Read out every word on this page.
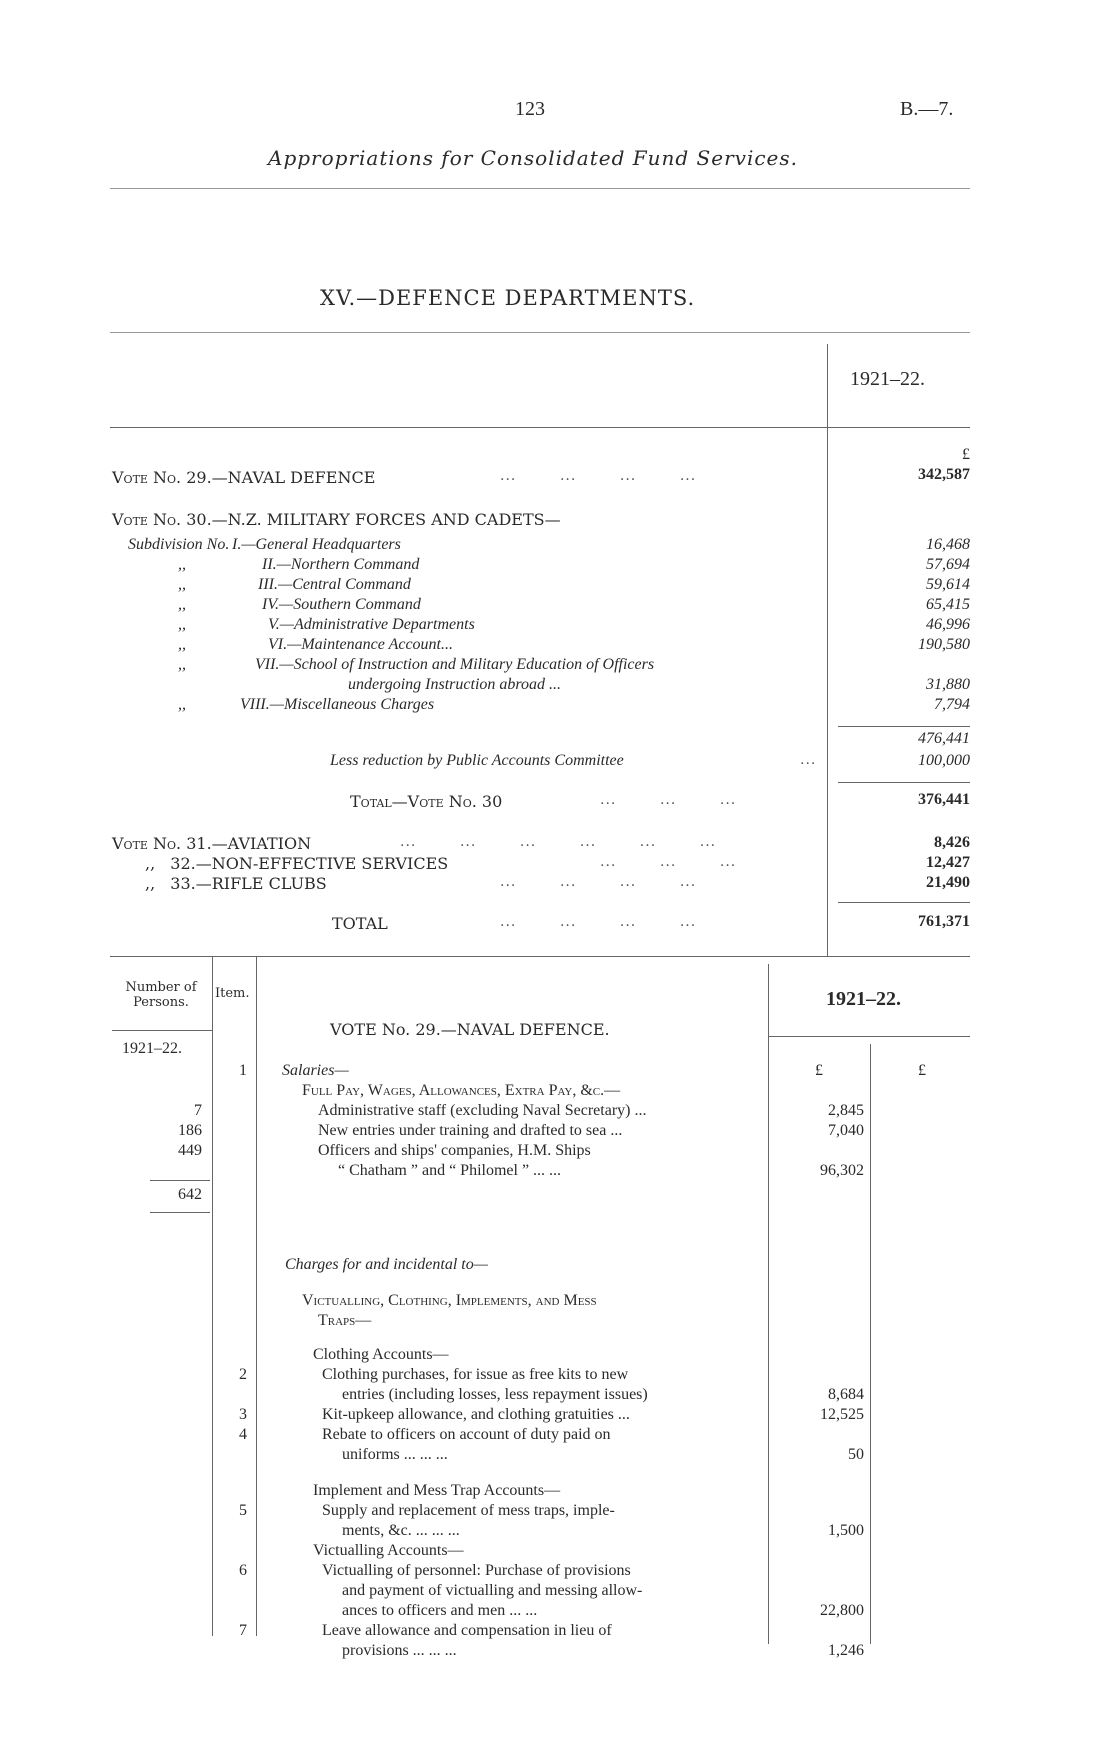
123	B.—7.
Appropriations for Consolidated Fund Services.
XV.—DEFENCE DEPARTMENTS.
1921–22.
£
Vote No. 29.—NAVAL DEFENCE	...        ...        ...        ...	342,587
Vote No. 30.—N.Z. MILITARY FORCES AND CADETS—
Subdivision No. I.—General Headquarters	16,468
,,	II.—Northern Command	57,694
,,	III.—Central Command	59,614
,,	IV.—Southern Command	65,415
,,	V.—Administrative Departments	46,996
,,	VI.—Maintenance Account...	190,580
,,	VII.—School of Instruction and Military Education of Officers
undergoing Instruction abroad ...	31,880
,,	VIII.—Miscellaneous Charges	7,794
476,441
Less reduction by Public Accounts Committee	...	100,000
Total—Vote No. 30	...        ...        ...	376,441
Vote No. 31.—AVIATION	...        ...        ...        ...        ...        ...	8,426
,, 32.—NON-EFFECTIVE SERVICES	...        ...        ...	12,427
,, 33.—RIFLE CLUBS	...        ...        ...        ...	21,490
TOTAL	...        ...        ...        ...	761,371
Number of Persons.
Item.	1921–22.
VOTE No. 29.—NAVAL DEFENCE.
1921–22.
1 Salaries—	£	£
Full Pay, Wages, Allowances, Extra Pay, &c.—
7	Administrative staff (excluding Naval Secretary) ...	2,845
186	New entries under training and drafted to sea ...	7,040
449	Officers and ships' companies, H.M. Ships
“ Chatham ” and “ Philomel ” ... ...	96,302
642
Charges for and incidental to—
Victualling, Clothing, Implements, and Mess
Traps—
Clothing Accounts—
Implement and Mess Trap Accounts—
Victualling Accounts—
2	Clothing purchases, for issue as free kits to new
entries (including losses, less repayment issues)	8,684
3	Kit-upkeep allowance, and clothing gratuities ...	12,525
4	Rebate to officers on account of duty paid on
uniforms ... ... ...	50
5	Supply and replacement of mess traps, imple-
ments, &c. ... ... ...	1,500
6	Victualling of personnel: Purchase of provisions
and payment of victualling and messing allow-
ances to officers and men ... ...	22,800
7	Leave allowance and compensation in lieu of
provisions ... ... ...	1,246
